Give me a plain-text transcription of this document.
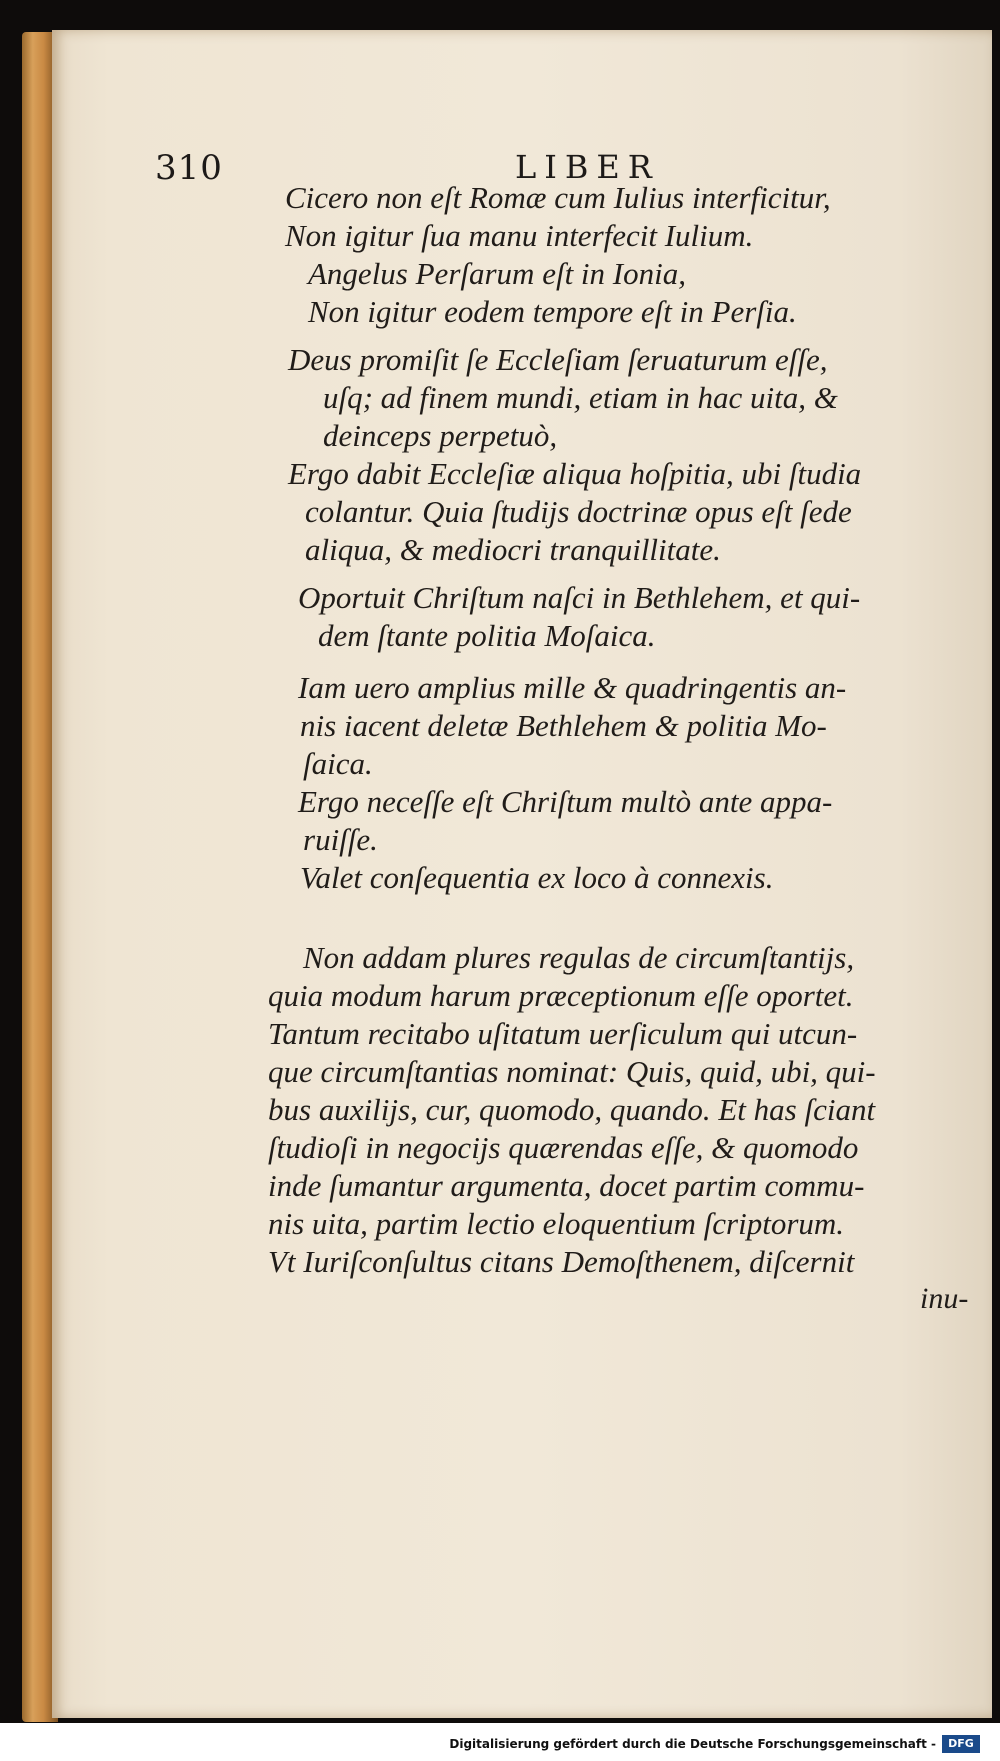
310	LIBER
Cicero non eſt Romæ cum Iulius interficitur,
Non igitur ſua manu interfecit Iulium.
Angelus Perſarum eſt in Ionia,
Non igitur eodem tempore eſt in Perſia.
Deus promiſit ſe Eccleſiam ſeruaturum eſſe,
uſq; ad finem mundi, etiam in hac uita, &
deinceps perpetuò,
Ergo dabit Eccleſiæ aliqua hoſpitia, ubi ſtudia
colantur. Quia ſtudijs doctrinæ opus eſt ſede
aliqua, & mediocri tranquillitate.
Oportuit Chriſtum naſci in Bethlehem, et qui-
dem ſtante politia Moſaica.
Iam uero amplius mille & quadringentis an-
nis iacent deletæ Bethlehem & politia Mo-
ſaica.
Ergo neceſſe eſt Chriſtum multò ante appa-
ruiſſe.
Valet conſequentia ex loco à connexis.
Non addam plures regulas de circumſtantijs,
quia modum harum præceptionum eſſe oportet.
Tantum recitabo uſitatum uerſiculum qui utcun-
que circumſtantias nominat: Quis, quid, ubi, qui-
bus auxilijs, cur, quomodo, quando. Et has ſciant
ſtudioſi in negocijs quærendas eſſe, & quomodo
inde ſumantur argumenta, docet partim commu-
nis uita, partim lectio eloquentium ſcriptorum.
Vt Iuriſconſultus citans Demoſthenem, diſcernit
inu-
Digitalisierung gefördert durch die Deutsche Forschungsgemeinschaft -	DFG
